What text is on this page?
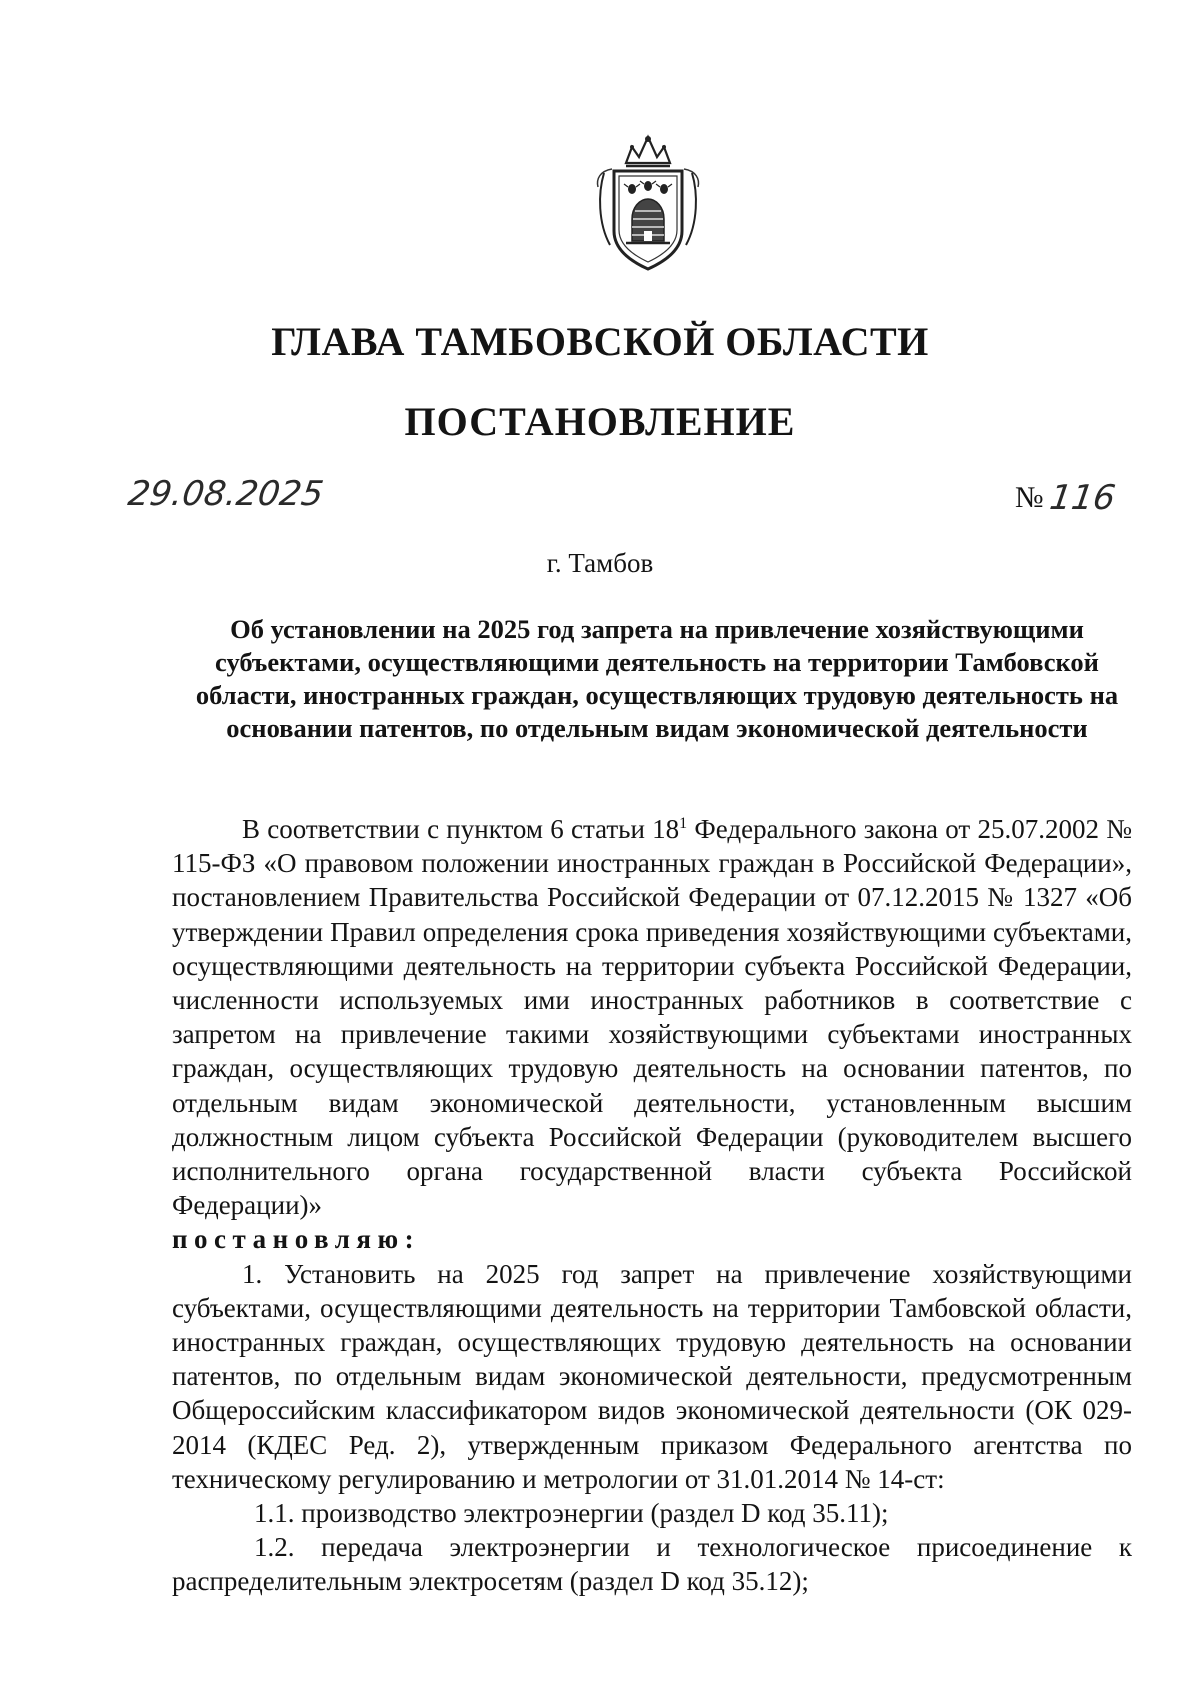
ГЛАВА ТАМБОВСКОЙ ОБЛАСТИ
ПОСТАНОВЛЕНИЕ
29.08.2025	№116
г. Тамбов
Об установлении на 2025 год запрета на привлечение хозяйствующими субъектами, осуществляющими деятельность на территории Тамбовской области, иностранных граждан, осуществляющих трудовую деятельность на основании патентов, по отдельным видам экономической деятельности

В соответствии с пунктом 6 статьи $18^1$ Федерального закона от 25.07.2002 № 115-ФЗ «О правовом положении иностранных граждан в Российской Федерации», постановлением Правительства Российской Федерации от 07.12.2015 № 1327 «Об утверждении Правил определения срока приведения хозяйствующими субъектами, осуществляющими деятельность на территории субъекта Российской Федерации, численности используемых ими иностранных работников в соответствие с запретом на привлечение такими хозяйствующими субъектами иностранных граждан, осуществляющих трудовую деятельность на основании патентов, по отдельным видам экономической деятельности, установленным высшим должностным лицом субъекта Российской Федерации (руководителем высшего исполнительного органа государственной власти субъекта Российской Федерации)»

постановляю:

1. Установить на 2025 год запрет на привлечение хозяйствующими субъектами, осуществляющими деятельность на территории Тамбовской области, иностранных граждан, осуществляющих трудовую деятельность на основании патентов, по отдельным видам экономической деятельности, предусмотренным Общероссийским классификатором видов экономической деятельности (ОК 029-2014 (КДЕС Ред. 2), утвержденным приказом Федерального агентства по техническому регулированию и метрологии от 31.01.2014 № 14-ст:

1.1. производство электроэнергии (раздел D код 35.11);

1.2. передача электроэнергии и технологическое присоединение к распределительным электросетям (раздел D код 35.12);
